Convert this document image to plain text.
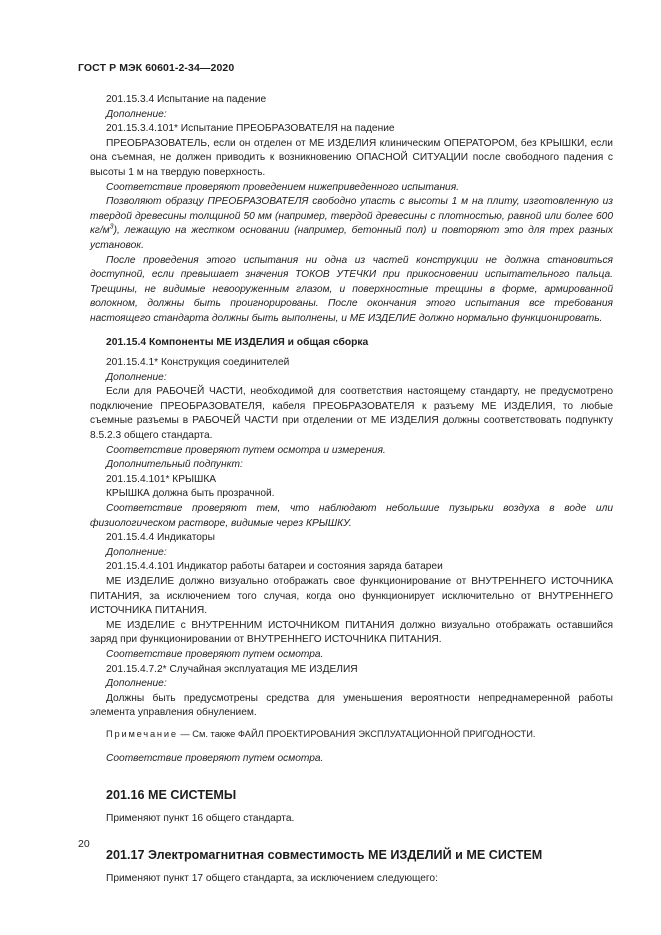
ГОСТ Р МЭК 60601-2-34—2020

201.15.3.4 Испытание на падение

Дополнение:

201.15.3.4.101* Испытание ПРЕОБРАЗОВАТЕЛЯ на падение

ПРЕОБРАЗОВАТЕЛЬ, если он отделен от МЕ ИЗДЕЛИЯ клиническим ОПЕРАТОРОМ, без КРЫШКИ, если она съемная, не должен приводить к возникновению ОПАСНОЙ СИТУАЦИИ после свободного падения с высоты 1 м на твердую поверхность.

Соответствие проверяют проведением нижеприведенного испытания.

Позволяют образцу ПРЕОБРАЗОВАТЕЛЯ свободно упасть с высоты 1 м на плиту, изготовленную из твердой древесины толщиной 50 мм (например, твердой древесины с плотностью, равной или более 600 $кг/м^3$), лежащую на жестком основании (например, бетонный пол) и повторяют это для трех разных установок.

После проведения этого испытания ни одна из частей конструкции не должна становиться доступной, если превышает значения ТОКОВ УТЕЧКИ при прикосновении испытательного пальца. Трещины, не видимые невооруженным глазом, и поверхностные трещины в форме, армированной волокном, должны быть проигнорированы. После окончания этого испытания все требования настоящего стандарта должны быть выполнены, и МЕ ИЗДЕЛИЕ должно нормально функционировать.

201.15.4 Компоненты МЕ ИЗДЕЛИЯ и общая сборка

201.15.4.1* Конструкция соединителей

Дополнение:

Если для РАБОЧЕЙ ЧАСТИ, необходимой для соответствия настоящему стандарту, не предусмотрено подключение ПРЕОБРАЗОВАТЕЛЯ, кабеля ПРЕОБРАЗОВАТЕЛЯ к разъему МЕ ИЗДЕЛИЯ, то любые съемные разъемы в РАБОЧЕЙ ЧАСТИ при отделении от МЕ ИЗДЕЛИЯ должны соответствовать подпункту 8.5.2.3 общего стандарта.

Соответствие проверяют путем осмотра и измерения.

Дополнительный подпункт:

201.15.4.101* КРЫШКА

КРЫШКА должна быть прозрачной.

Соответствие проверяют тем, что наблюдают небольшие пузырьки воздуха в воде или физиологическом растворе, видимые через КРЫШКУ.

201.15.4.4 Индикаторы

Дополнение:

201.15.4.4.101 Индикатор работы батареи и состояния заряда батареи

МЕ ИЗДЕЛИЕ должно визуально отображать свое функционирование от ВНУТРЕННЕГО ИСТОЧНИКА ПИТАНИЯ, за исключением того случая, когда оно функционирует исключительно от ВНУТРЕННЕГО ИСТОЧНИКА ПИТАНИЯ.

МЕ ИЗДЕЛИЕ с ВНУТРЕННИМ ИСТОЧНИКОМ ПИТАНИЯ должно визуально отображать оставшийся заряд при функционировании от ВНУТРЕННЕГО ИСТОЧНИКА ПИТАНИЯ.

Соответствие проверяют путем осмотра.

201.15.4.7.2* Случайная эксплуатация МЕ ИЗДЕЛИЯ

Дополнение:

Должны быть предусмотрены средства для уменьшения вероятности непреднамеренной работы элемента управления обнулением.

Примечание — См. также ФАЙЛ ПРОЕКТИРОВАНИЯ ЭКСПЛУАТАЦИОННОЙ ПРИГОДНОСТИ.

Соответствие проверяют путем осмотра.

201.16 МЕ СИСТЕМЫ

Применяют пункт 16 общего стандарта.

201.17 Электромагнитная совместимость МЕ ИЗДЕЛИЙ и МЕ СИСТЕМ

Применяют пункт 17 общего стандарта, за исключением следующего:

20
